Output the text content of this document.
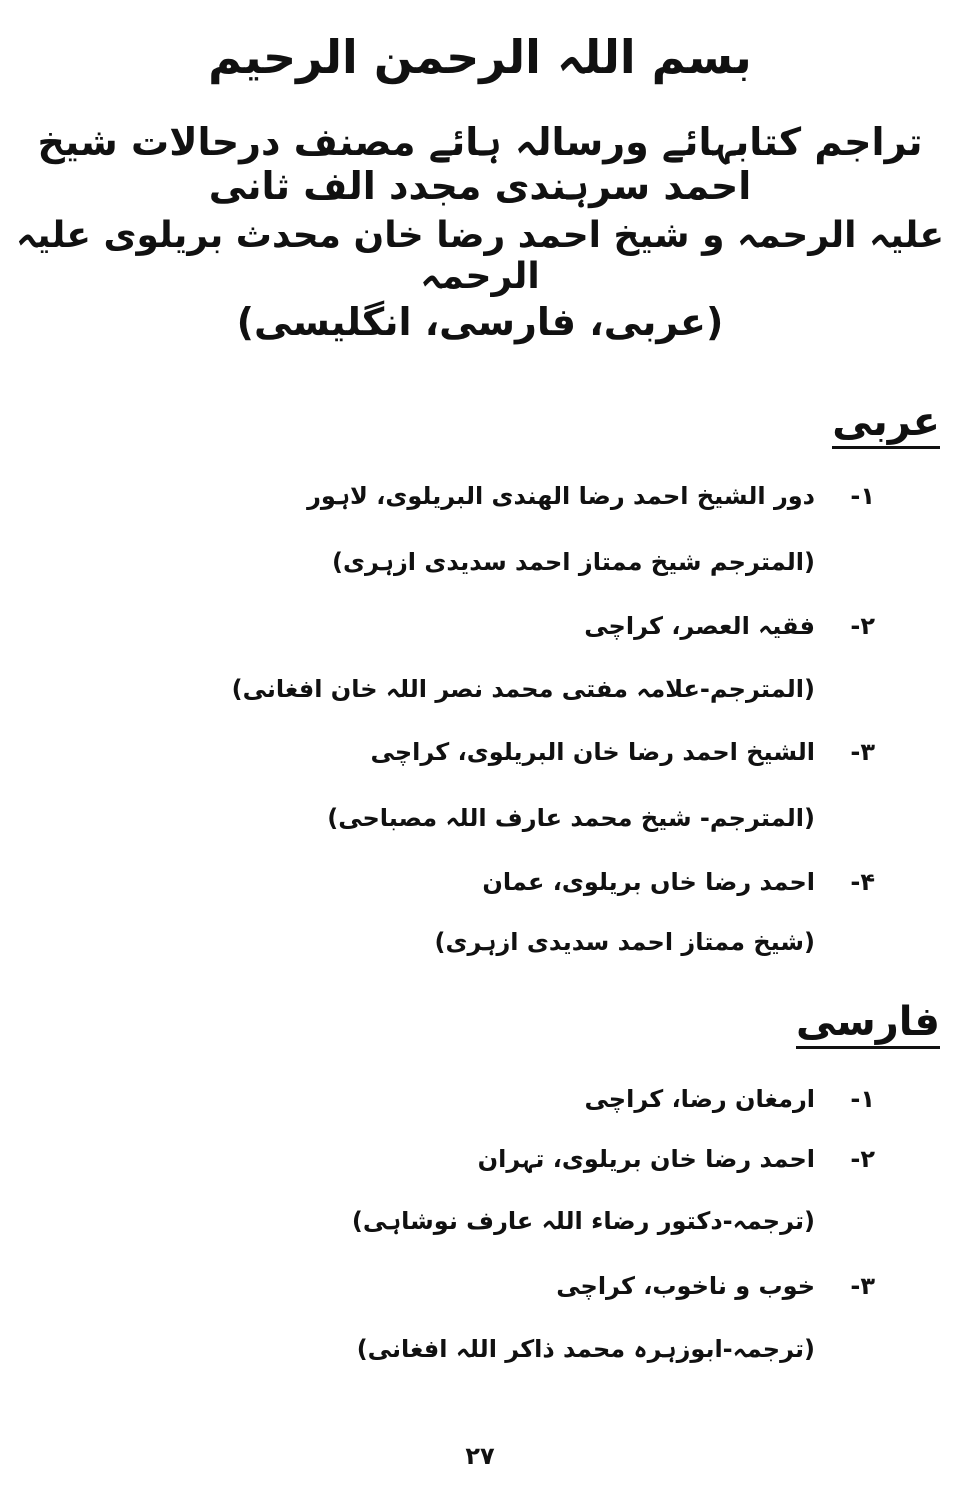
بسم اللہ الرحمن الرحیم
تراجم کتابہائے ورسالہ ہائے مصنف درحالات شیخ احمد سرہندی مجدد الف ثانی
علیہ الرحمہ و شیخ احمد رضا خان محدث بریلوی علیہ الرحمہ
(عربی، فارسی، انگلیسی)
عربی
۱-دور الشیخ احمد رضا الهندی البریلوی، لاہور
(المترجم شیخ ممتاز احمد سدیدی ازہری)
۲-فقیہ العصر، کراچی
(المترجم-علامہ مفتی محمد نصر اللہ خان افغانی)
۳-الشیخ احمد رضا خان البریلوی، کراچی
(المترجم- شیخ محمد عارف اللہ مصباحی)
۴-احمد رضا خاں بریلوی، عمان
(شیخ ممتاز احمد سدیدی ازہری)
فارسی
۱-ارمغان رضا، کراچی
۲-احمد رضا خان بریلوی، تہران
(ترجمہ-دکتور رضاء اللہ عارف نوشاہی)
۳-خوب و ناخوب، کراچی
(ترجمہ-ابوزہرہ محمد ذاکر اللہ افغانی)
۲۷
